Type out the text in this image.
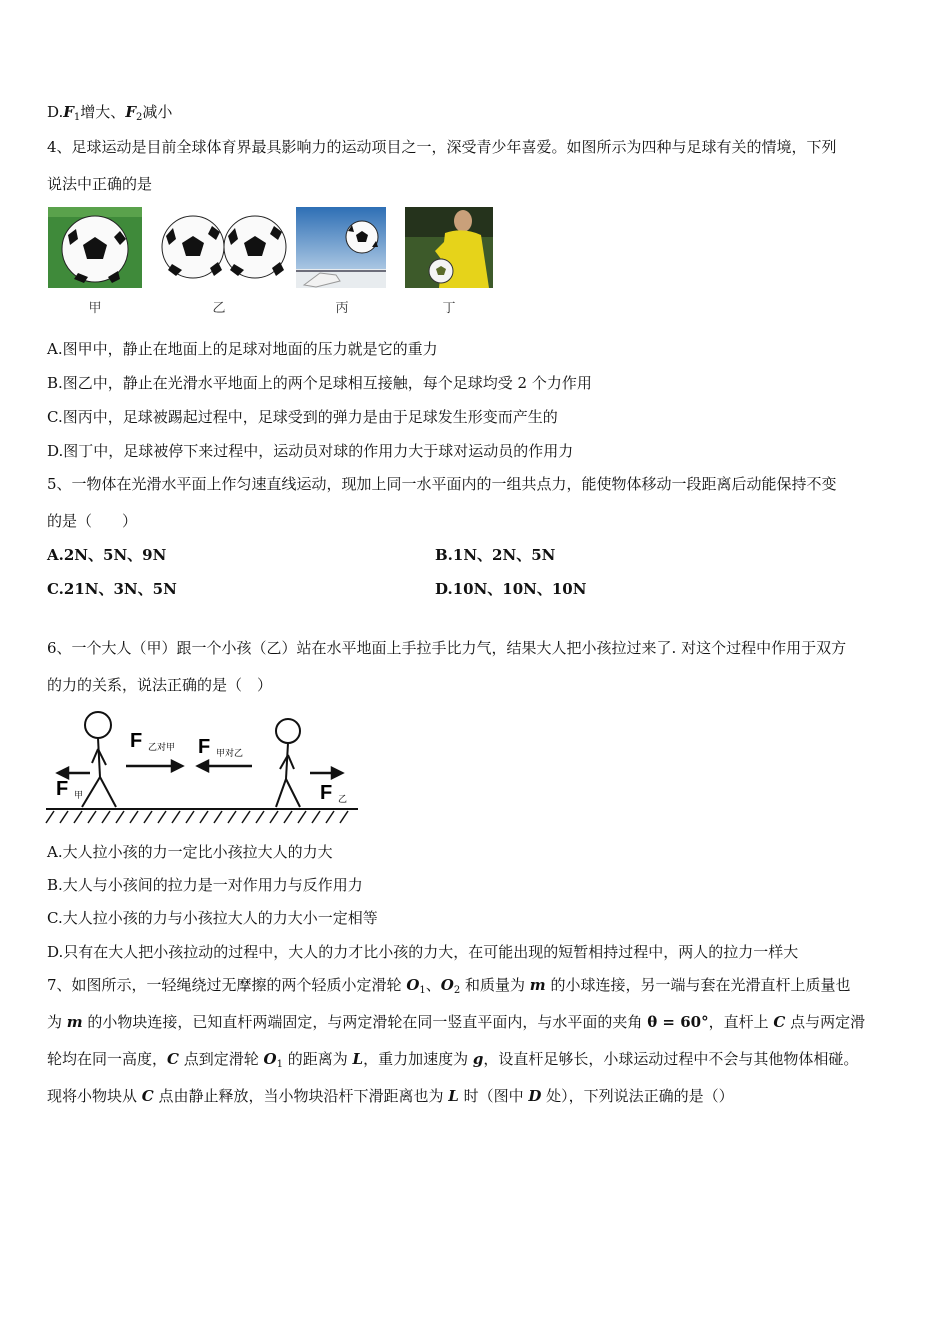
$D.F_1$增大、$F_2$减小
4、足球运动是目前全球体育界最具影响力的运动项目之一，深受青少年喜爱。如图所示为四种与足球有关的情境，下列
说法中正确的是
甲	乙	丙	丁
A.图甲中，静止在地面上的足球对地面的压力就是它的重力
B.图乙中，静止在光滑水平地面上的两个足球相互接触，每个足球均受 2 个力作用
C.图丙中，足球被踢起过程中，足球受到的弹力是由于足球发生形变而产生的
D.图丁中，足球被停下来过程中，运动员对球的作用力大于球对运动员的作用力
5、一物体在光滑水平面上作匀速直线运动，现加上同一水平面内的一组共点力，能使物体移动一段距离后动能保持不变
的是（　　）
A.2N、5N、9N	B.1N、2N、5N
C.21N、3N、5N	D.10N、10N、10N
6、一个大人（甲）跟一个小孩（乙）站在水平地面上手拉手比力气，结果大人把小孩拉过来了. 对这个过程中作用于双方
的力的关系，说法正确的是（　）
F 乙对甲 F 甲对乙
F 甲	F 乙
A.大人拉小孩的力一定比小孩拉大人的力大
B.大人与小孩间的拉力是一对作用力与反作用力
C.大人拉小孩的力与小孩拉大人的力大小一定相等
D.只有在大人把小孩拉动的过程中，大人的力才比小孩的力大，在可能出现的短暂相持过程中，两人的拉力一样大
7、如图所示，一轻绳绕过无摩擦的两个轻质小定滑轮 $O_1$、$O_2$ 和质量为 m 的小球连接，另一端与套在光滑直杆上质量也
为 m 的小物块连接，已知直杆两端固定，与两定滑轮在同一竖直平面内，与水平面的夹角 θ = 60°，直杆上 C 点与两定滑
轮均在同一高度，C 点到定滑轮 $O_1$ 的距离为 L，重力加速度为 g，设直杆足够长，小球运动过程中不会与其他物体相碰。
现将小物块从 C 点由静止释放，当小物块沿杆下滑距离也为 L 时（图中 D 处），下列说法正确的是（）
